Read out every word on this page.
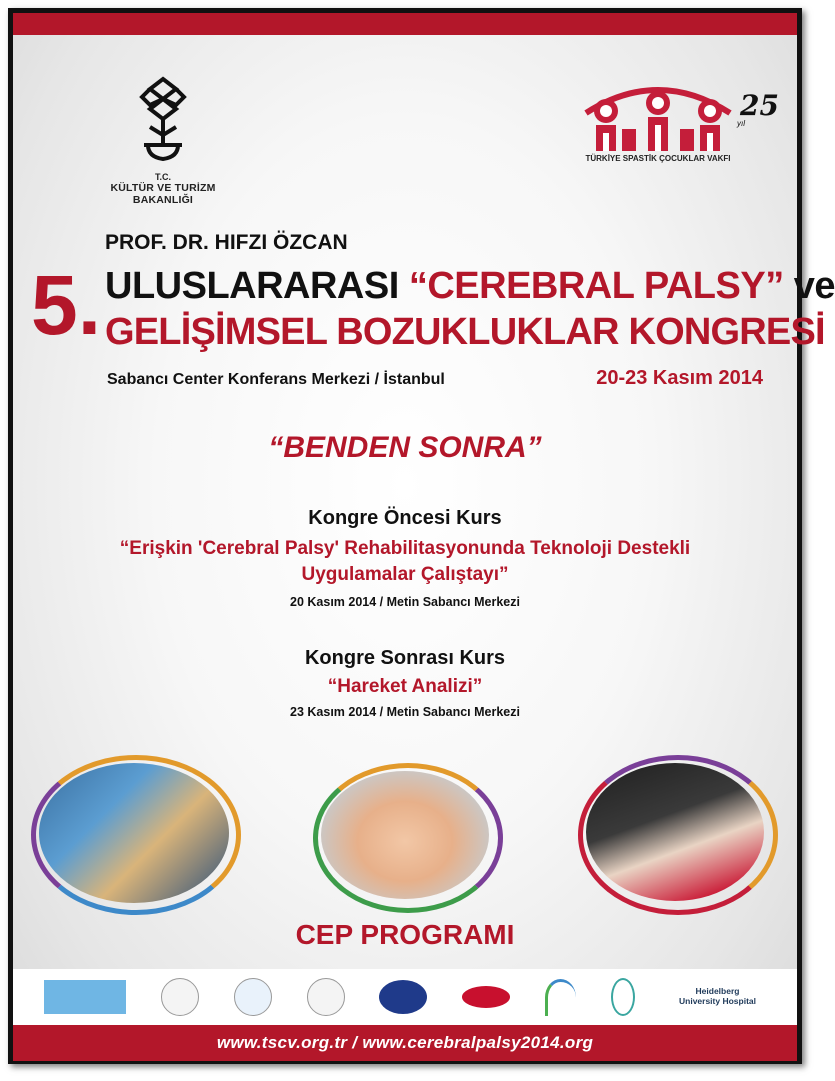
T.C.
KÜLTÜR VE TURİZM BAKANLIĞI
TÜRKİYE SPASTİK ÇOCUKLAR VAKFI
25
yıl
5.
PROF. DR. HIFZI ÖZCAN
ULUSLARARASI “CEREBRAL PALSY” ve
GELİŞİMSEL BOZUKLUKLAR KONGRESİ
Sabancı Center Konferans Merkezi / İstanbul	20-23 Kasım 2014
“BENDEN SONRA”
Kongre Öncesi Kurs
“Erişkin 'Cerebral Palsy' Rehabilitasyonunda Teknoloji Destekli
Uygulamalar Çalıştayı”
20 Kasım 2014 / Metin Sabancı Merkezi
Kongre Sonrası Kurs
“Hareket Analizi”
23 Kasım 2014 / Metin Sabancı Merkezi
CEP PROGRAMI
Heidelberg
University Hospital
www.tscv.org.tr / www.cerebralpalsy2014.org
